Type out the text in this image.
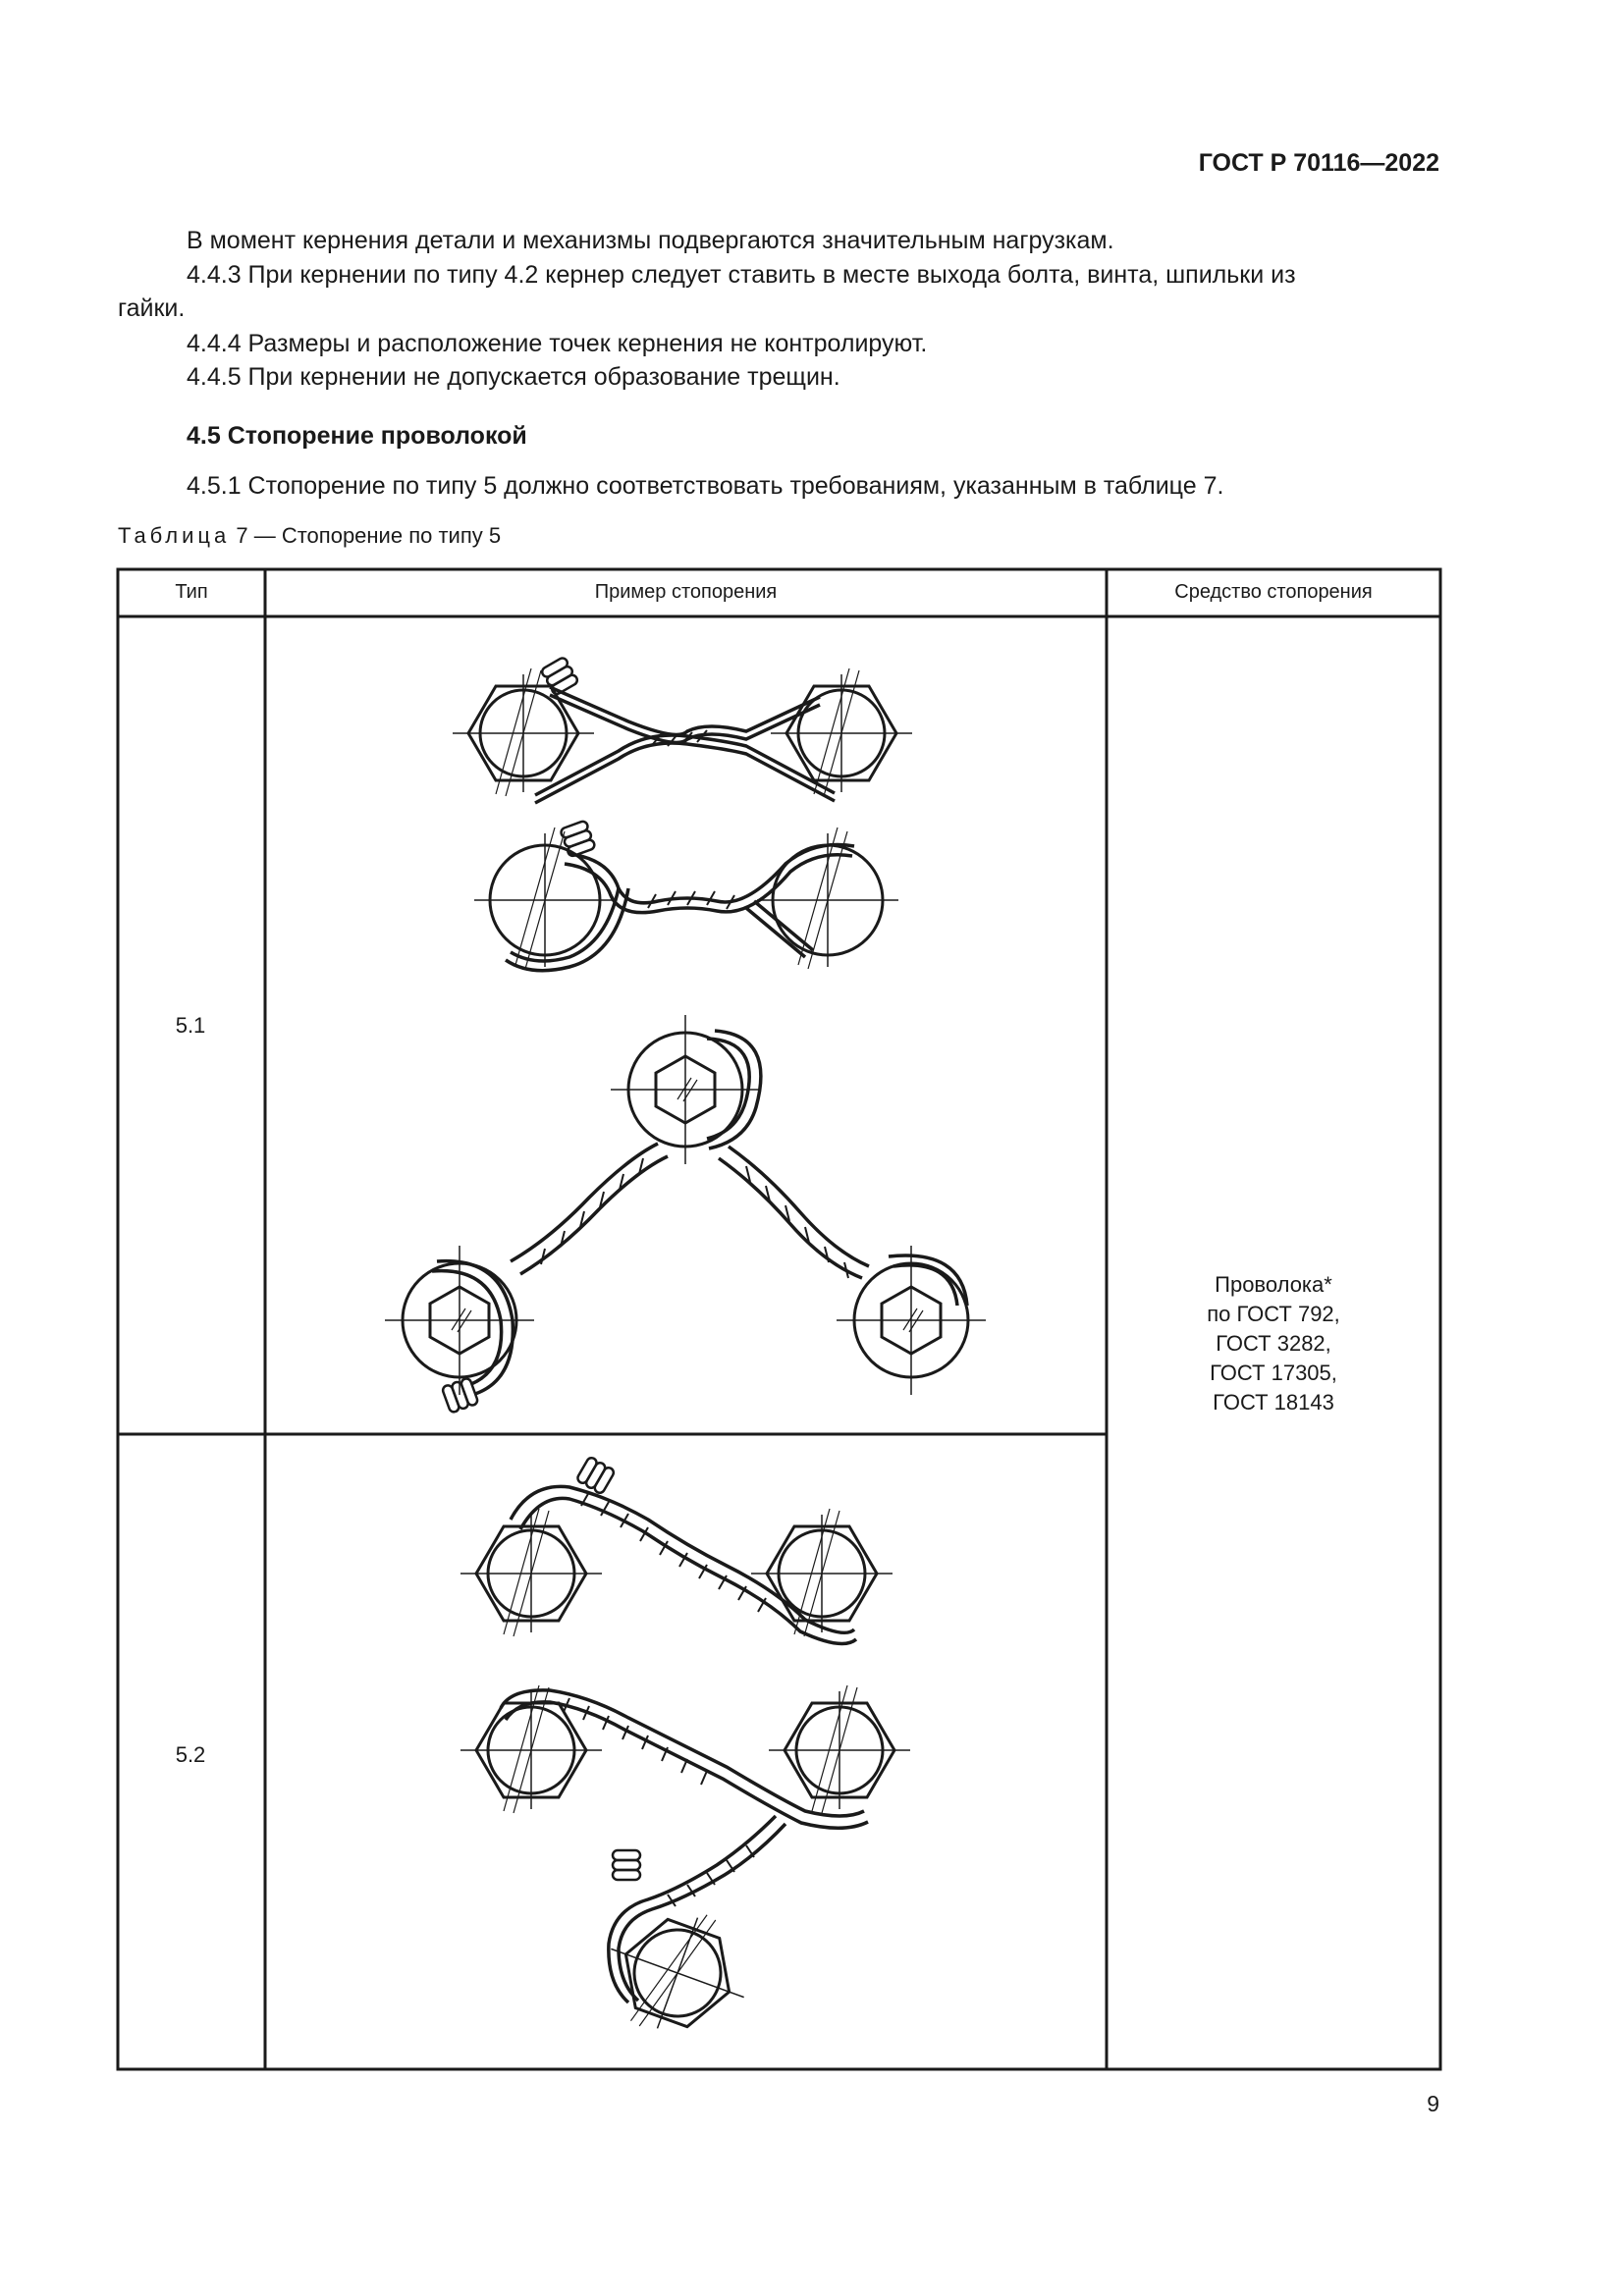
ГОСТ Р 70116—2022
В момент кернения детали и механизмы подвергаются значительным нагрузкам.
4.4.3 При кернении по типу 4.2 кернер следует ставить в месте выхода болта, винта, шпильки из
гайки.
4.4.4 Размеры и расположение точек кернения не контролируют.
4.4.5 При кернении не допускается образование трещин.
4.5 Стопорение проволокой
4.5.1 Стопорение по типу 5 должно соответствовать требованиям, указанным в таблице 7.
Таблица 7 — Стопорение по типу 5
Тип	Пример стопорения	Средство стопорения
5.1
5.2
Проволока*
по ГОСТ 792,
ГОСТ 3282,
ГОСТ 17305,
ГОСТ 18143
9
